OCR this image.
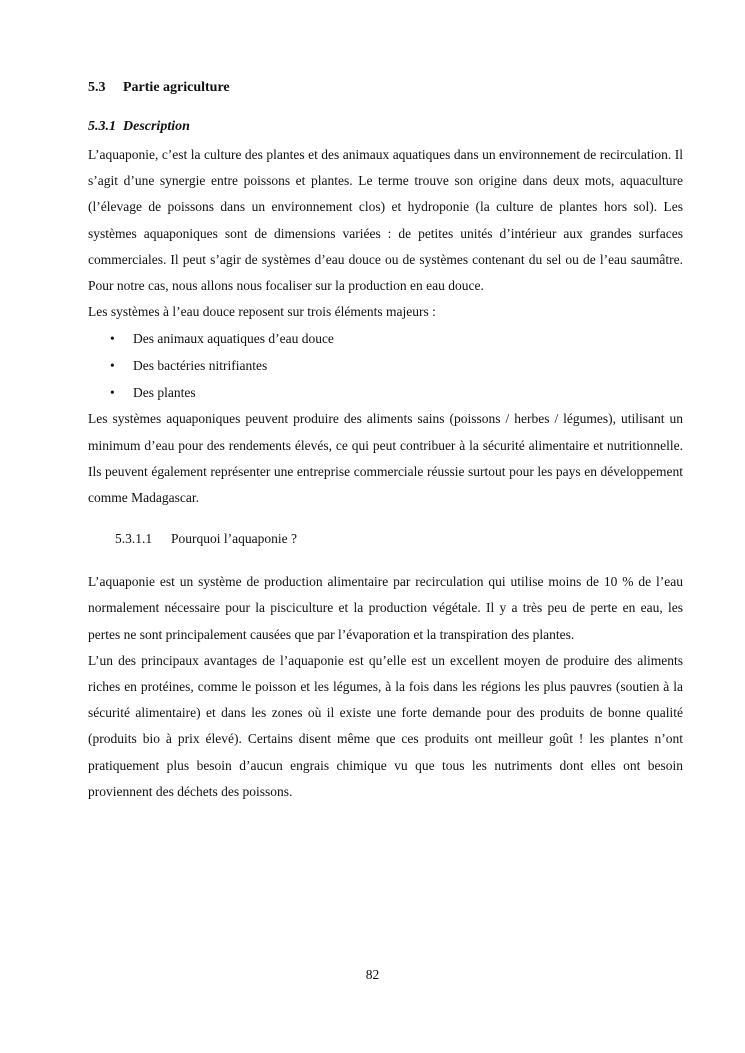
5.3 Partie agriculture
5.3.1 Description

L’aquaponie, c’est la culture des plantes et des animaux aquatiques dans un environnement de recirculation. Il s’agit d’une synergie entre poissons et plantes. Le terme trouve son origine dans deux mots, aquaculture (l’élevage de poissons dans un environnement clos) et hydroponie (la culture de plantes hors sol). Les systèmes aquaponiques sont de dimensions variées : de petites unités d’intérieur aux grandes surfaces commerciales. Il peut s’agir de systèmes d’eau douce ou de systèmes contenant du sel ou de l’eau saumâtre. Pour notre cas, nous allons nous focaliser sur la production en eau douce.

Les systèmes à l’eau douce reposent sur trois éléments majeurs :

• Des animaux aquatiques d’eau douce
• Des bactéries nitrifiantes
• Des plantes

Les systèmes aquaponiques peuvent produire des aliments sains (poissons / herbes / légumes), utilisant un minimum d’eau pour des rendements élevés, ce qui peut contribuer à la sécurité alimentaire et nutritionnelle. Ils peuvent également représenter une entreprise commerciale réussie surtout pour les pays en développement comme Madagascar.

5.3.1.1 Pourquoi l’aquaponie ?

L’aquaponie est un système de production alimentaire par recirculation qui utilise moins de 10 % de l’eau normalement nécessaire pour la pisciculture et la production végétale. Il y a très peu de perte en eau, les pertes ne sont principalement causées que par l’évaporation et la transpiration des plantes.

L’un des principaux avantages de l’aquaponie est qu’elle est un excellent moyen de produire des aliments riches en protéines, comme le poisson et les légumes, à la fois dans les régions les plus pauvres (soutien à la sécurité alimentaire) et dans les zones où il existe une forte demande pour des produits de bonne qualité (produits bio à prix élevé). Certains disent même que ces produits ont meilleur goût ! les plantes n’ont pratiquement plus besoin d’aucun engrais chimique vu que tous les nutriments dont elles ont besoin proviennent des déchets des poissons.

82
